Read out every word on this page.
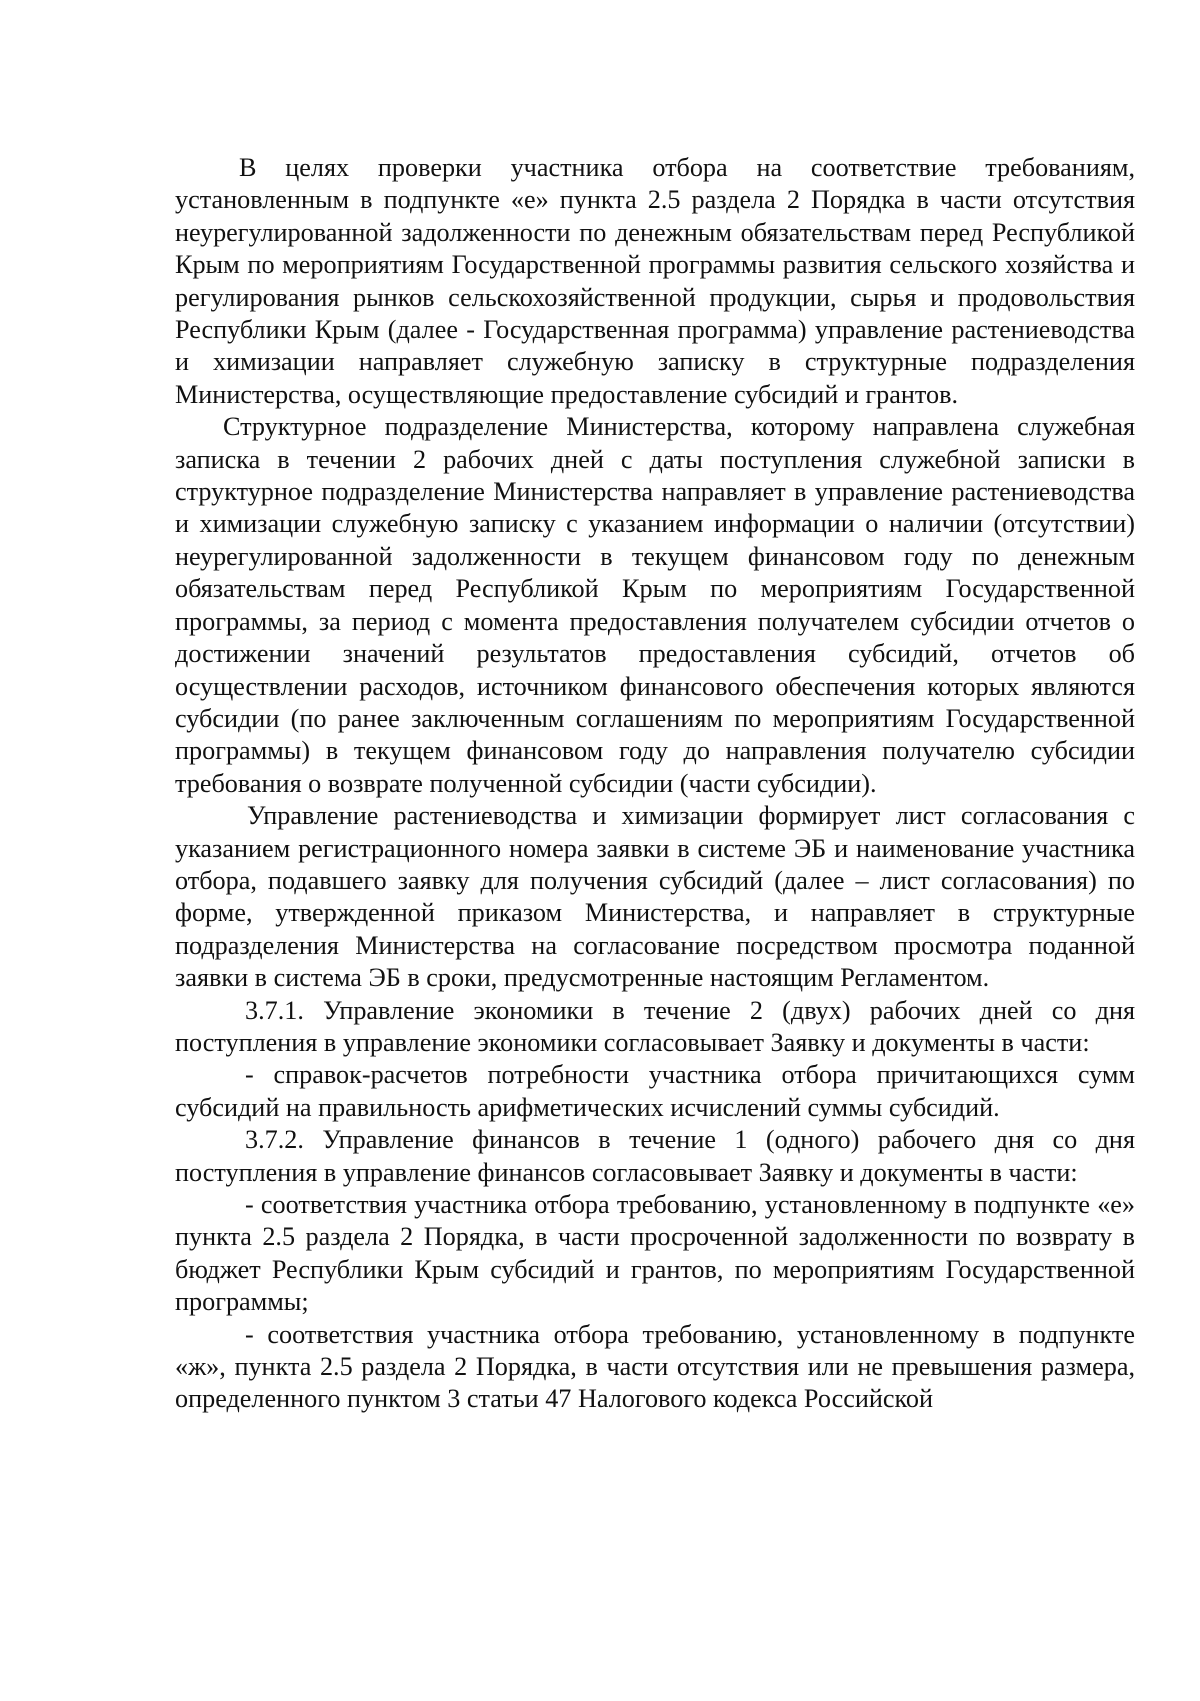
В целях проверки участника отбора на соответствие требованиям, установленным в подпункте «е» пункта 2.5 раздела 2 Порядка в части отсутствия неурегулированной задолженности по денежным обязательствам перед Республикой Крым по мероприятиям Государственной программы развития сельского хозяйства и регулирования рынков сельскохозяйственной продукции, сырья и продовольствия Республики Крым (далее - Государственная программа) управление растениеводства и химизации направляет служебную записку в структурные подразделения Министерства, осуществляющие предоставление субсидий и грантов.

Структурное подразделение Министерства, которому направлена служебная записка в течении 2 рабочих дней с даты поступления служебной записки в структурное подразделение Министерства направляет в управление растениеводства и химизации служебную записку с указанием информации о наличии (отсутствии) неурегулированной задолженности в текущем финансовом году по денежным обязательствам перед Республикой Крым по мероприятиям Государственной программы, за период с момента предоставления получателем субсидии отчетов о достижении значений результатов предоставления субсидий, отчетов об осуществлении расходов, источником финансового обеспечения которых являются субсидии (по ранее заключенным соглашениям по мероприятиям Государственной программы) в текущем финансовом году до направления получателю субсидии требования о возврате полученной субсидии (части субсидии).

Управление растениеводства и химизации формирует лист согласования с указанием регистрационного номера заявки в системе ЭБ и наименование участника отбора, подавшего заявку для получения субсидий (далее – лист согласования) по форме, утвержденной приказом Министерства, и направляет в структурные подразделения Министерства на согласование посредством просмотра поданной заявки в система ЭБ в сроки, предусмотренные настоящим Регламентом.

3.7.1. Управление экономики в течение 2 (двух) рабочих дней со дня поступления в управление экономики согласовывает Заявку и документы в части:

- справок-расчетов потребности участника отбора причитающихся сумм субсидий на правильность арифметических исчислений суммы субсидий.

3.7.2. Управление финансов в течение 1 (одного) рабочего дня со дня поступления в управление финансов согласовывает Заявку и документы в части:

- соответствия участника отбора требованию, установленному в подпункте «е» пункта 2.5 раздела 2 Порядка, в части просроченной задолженности по возврату в бюджет Республики Крым субсидий и грантов, по мероприятиям Государственной программы;

- соответствия участника отбора требованию, установленному в подпункте «ж», пункта 2.5 раздела 2 Порядка, в части отсутствия или не превышения размера, определенного пунктом 3 статьи 47 Налогового кодекса Российской
